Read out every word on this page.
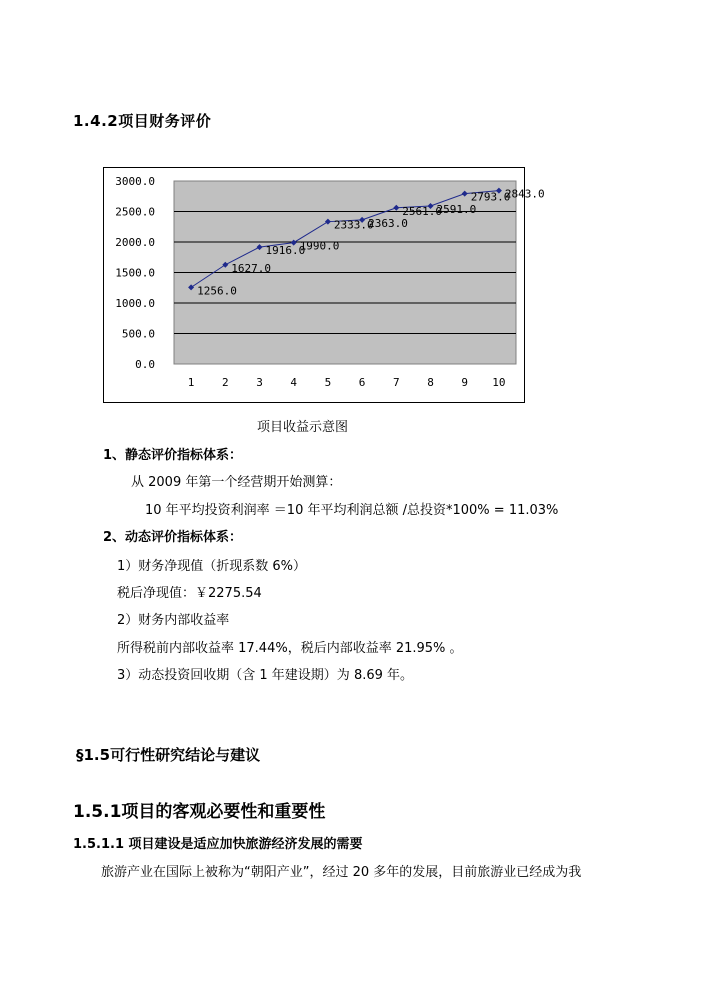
1.4.2项目财务评价
3000.0
2500.0
2000.0
1500.0
1000.0
500.0
0.0
1	2	3	4	5	6	7	8	9 10
1256.0
1627.0
1916.0
1990.0
2333.0
2363.0
2561.0
2591.0
2793.0
2843.0
项目收益示意图
1、静态评价指标体系：
从 2009 年第一个经营期开始测算：
10 年平均投资利润率 ＝10 年平均利润总额 /总投资*100% = 11.03%
2、动态评价指标体系：
1）财务净现值（折现系数 6%）
税后净现值：￥2275.54
2）财务内部收益率
所得税前内部收益率 17.44%，税后内部收益率 21.95% 。
3）动态投资回收期（含 1 年建设期）为 8.69 年。
§1.5可行性研究结论与建议
1.5.1项目的客观必要性和重要性
1.5.1.1 项目建设是适应加快旅游经济发展的需要
旅游产业在国际上被称为“朝阳产业”，经过 20 多年的发展，目前旅游业已经成为我
